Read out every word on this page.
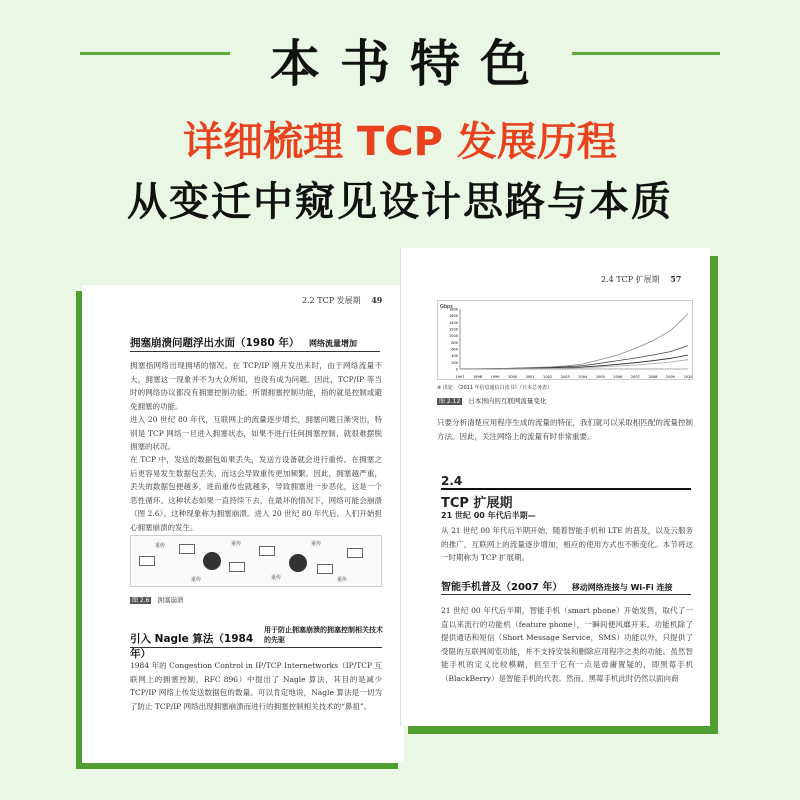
本书特色
详细梳理 TCP 发展历程
从变迁中窥见设计思路与本质
2.2 TCP 发展期 49
拥塞崩溃问题浮出水面（1980 年） 网络流量增加
拥塞指网络出现拥堵的情况。在 TCP/IP 刚开发出来时，由于网络流量不大，拥塞这一现象并不为大众所知，也没有成为问题。因此，TCP/IP 等当时的网络协议都没有拥塞控制功能。所谓拥塞控制功能，指的就是控制或避免拥塞的功能。
进入 20 世纪 80 年代，互联网上的流量逐步增长，拥塞问题日渐突出，特别是 TCP 网络一旦进入拥塞状态，如果不进行任何拥塞控制，就很难摆脱拥塞的状况。
在 TCP 中，发送的数据包如果丢失，发送方设备就会进行重传。在拥塞之后更容易发生数据包丢失，而这会导致重传更加频繁。因此，拥塞越严重，丢失的数据包便越多，进而重传也就越多，导致拥塞进一步恶化，这是一个恶性循环。这种状态如果一直持续下去，在最坏的情况下，网络可能会崩溃（图 2.6）。这种现象称为拥塞崩溃。进入 20 世纪 80 年代后，人们开始担心拥塞崩溃的发生。
重传	重传
重传
重传
重传
重传
图 2.6 拥塞崩溃
引入 Nagle 算法（1984 年）
用于防止拥塞崩溃的拥塞控制相关技术的先驱
1984 年的 Congestion Control in IP/TCP Internetworks（IP/TCP 互联网上的拥塞控制，RFC 896）中提出了 Nagle 算法，其目的是减少 TCP/IP 网络上传发送数据包的数量。可以肯定地说，Nagle 算法是一切为了防止 TCP/IP 网络出现拥塞崩溃而进行的拥塞控制相关技术的“鼻祖”。
2.4 TCP 扩展期 57
Gbps
0
200
400
600
800
1000
1200
1400
1600
1800
1997 1998 1999 2000 2001 2002 2003 2004 2005 2006 2007 2008 2009 2010
※ 出处：《2011 年信息通信白皮书》（日本总务省）
图 2.12 日本国内的互联网流量变化
只要分析清楚应用程序生成的流量的特征，我们就可以采取相匹配的流量控制方法。因此，关注网络上的流量有时非常重要。
2.4
TCP 扩展期
21 世纪 00 年代后半期—
从 21 世纪 00 年代后半期开始，随着智能手机和 LTE 的普及，以及云服务的推广，互联网上的流量逐步增加，相应的使用方式也不断变化。本节将这一时期称为 TCP 扩展期。
智能手机普及（2007 年） 移动网络连接与 Wi-Fi 连接
21 世纪 00 年代后半期，智能手机（smart phone）开始发售，取代了一直以来流行的功能机（feature phone），一瞬间便风靡开来。功能机除了提供通话和短信（Short Message Service，SMS）功能以外，只提供了受限的互联网阅览功能，并不支持安装和删除应用程序之类的功能。虽然智能手机的定义比较模糊，但至于它有一点是毋庸置疑的，即黑莓手机（BlackBerry）是智能手机的代表。然而，黑莓手机此时仍然以面向商
